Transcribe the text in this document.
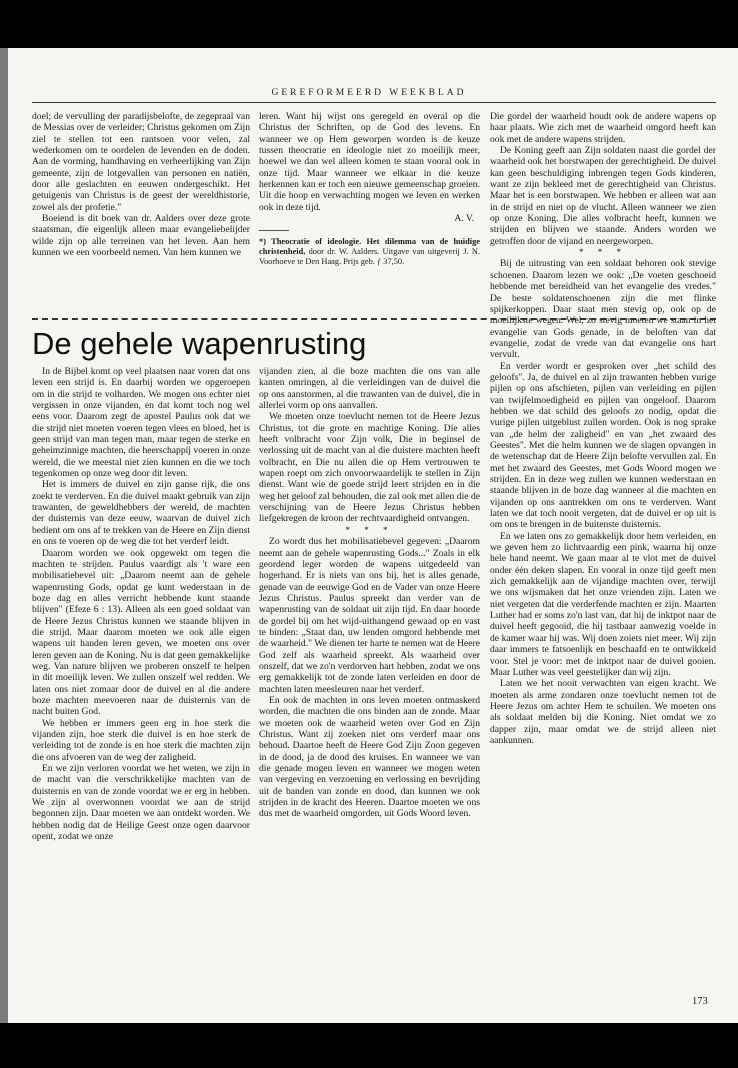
GEREFORMEERD WEEKBLAD

doel; de vervulling der paradijsbelofte, de zegepraal van de Messias over de verleider; Christus gekomen om Zijn ziel te stellen tot een rantsoen voor velen, zal wederkomen om te oordelen de levenden en de doden. Aan de vorming, handhaving en verheerlijking van Zijn gemeente, zijn de lotgevallen van personen en natiën, door alle geslachten en eeuwen ondergeschikt. Het getuigenis van Christus is de geest der wereldhistorie, zowel als der profetie."

Boeiend is dit boek van dr. Aalders over deze grote staatsman, die eigenlijk alleen maar evangeliebelijder wilde zijn op alle terreinen van het leven. Aan hem kunnen we een voorbeeld nemen. Van hem kunnen we

leren. Want hij wijst ons geregeld en overal op die Christus der Schriften, op de God des levens. En wanneer we op Hem geworpen worden is de keuze tussen theocratie en ideologie niet zo moeilijk meer, hoewel we dan wel alleen komen te staan vooral ook in onze tijd. Maar wanneer we elkaar in die keuze herkennen kan er toch een nieuwe gemeenschap groeien. Uit die hoop en verwachting mogen we leven en werken ook in deze tijd.

A. V.

*) Theocratie of ideologie. Het dilemma van de huidige christenheid, door dr. W. Aalders. Uitgave van uitgeverij J. N. Voorhoeve te Den Haag. Prijs geb. ƒ 37,50.

Die gordel der waarheid houdt ook de andere wapens op haar plaats. Wie zich met de waarheid omgord heeft kan ook met de andere wapens strijden.

De Koning geeft aan Zijn soldaten naast die gordel der waarheid ook het borstwapen der gerechtigheid. De duivel kan geen beschuldiging inbrengen tegen Gods kinderen, want ze zijn bekleed met de gerechtigheid van Christus. Maar het is een borstwapen. We hebben er alleen wat aan in de strijd en niet op de vlucht. Alleen wanneer we zien op onze Koning. Die alles volbracht heeft, kunnen we strijden en blijven we staande. Anders worden we getroffen door de vijand en neergeworpen.

* * *

Bij de uitrusting van een soldaat behoren ook stevige schoenen. Daarom lezen we ook: „De voeten geschoeid hebbende met bereidheid van het evangelie des vredes." De beste soldatenschoenen zijn die met flinke spijkerkoppen. Daar staat men stevig op, ook op de moeilijkste wegen. Wel, zo stevig moeten we staan in het evangelie van Gods genade, in de beloften van dat evangelie, zodat de vrede van dat evangelie ons hart vervult.

En verder wordt er gesproken over „het schild des geloofs". Ja, de duivel en al zijn trawanten hebben vurige pijlen op ons afschieten, pijlen van verleiding en pijlen van twijfelmoedigheid en pijlen van ongeloof. Daarom hebben we dat schild des geloofs zo nodig, opdat die vurige pijlen uitgeblust zullen worden. Ook is nog sprake van „de helm der zaligheid" en van „het zwaard des Geestes". Met die helm kunnen we de slagen opvangen in de wetenschap dat de Heere Zijn belofte vervullen zal. En met het zwaard des Geestes, met Gods Woord mogen we strijden. En in deze weg zullen we kunnen wederstaan en staande blijven in de boze dag wanneer al die machten en vijanden op ons aantrekken om ons te verderven. Want laten we dat toch nooit vergeten, dat de duivel er op uit is om ons te brengen in de buitenste duisternis.

En we laten ons zo gemakkelijk door hem verleiden, en we geven hem zo lichtvaardig een pink, waarna hij onze hele hand neemt. We gaan maar al te vlot met de duivel onder één deken slapen. En vooral in onze tijd geeft men zich gemakkelijk aan de vijandige machten over, terwijl we ons wijsmaken dat het onze vrienden zijn. Laten we niet vergeten dat die verderfende machten er zijn. Maarten Luther had er soms zo'n last van, dat hij de inktpot naar de duivel heeft gegooid, die hij tastbaar aanwezig voelde in de kamer waar hij was. Wij doen zoiets niet meer. Wij zijn daar immers te fatsoenlijk en beschaafd en te ontwikkeld voor. Stel je voor: met de inktpot naar de duivel gooien. Maar Luther was veel geestelijker dan wij zijn.

Laten we het nooit verwachten van eigen kracht. We moeten als arme zondaren onze toevlucht nemen tot de Heere Jezus om achter Hem te schuilen. We moeten ons als soldaat melden bij die Koning. Niet omdat we zo dapper zijn, maar omdat we de strijd alleen niet aankunnen.

De gehele wapenrusting

In de Bijbel komt op veel plaatsen naar voren dat ons leven een strijd is. En daarbij worden we opgeroepen om in die strijd te volharden. We mogen ons echter niet vergissen in onze vijanden, en dat komt toch nog wel eens voor. Daarom zegt de apostel Paulus ook dat we die strijd niet moeten voeren tegen vlees en bloed, het is geen strijd van man tegen man, maar tegen de sterke en geheimzinnige machten, die heerschappij voeren in onze wereld, die we meestal niet zien kunnen en die we toch tegenkomen op onze weg door dit leven.

Het is immers de duivel en zijn ganse rijk, die ons zoekt te verderven. En die duivel maakt gebruik van zijn trawanten, de geweldhebbers der wereld, de machten der duisternis van deze eeuw, waarvan de duivel zich bedient om ons af te trekken van de Heere en Zijn dienst en ons te voeren op de weg die tot het verderf leidt.

Daarom worden we ook opgewekt om tegen die machten te strijden. Paulus vaardigt als 't ware een mobilisatiebevel uit: „Daarom neemt aan de gehele wapenrusting Gods, opdat ge kunt wederstaan in de boze dag en alles verricht hebbende kunt staande blijven" (Efeze 6 : 13). Alleen als een goed soldaat van de Heere Jezus Christus kunnen we staande blijven in die strijd. Maar daarom moeten we ook alle eigen wapens uit handen leren geven, we moeten ons over leren geven aan de Koning. Nu is dat geen gemakkelijke weg. Van nature blijven we proberen onszelf te helpen in dit moeilijk leven. We zullen onszelf wel redden. We laten ons niet zomaar door de duivel en al die andere boze machten meevoeren naar de duisternis van de nacht buiten God.

We hebben er immers geen erg in hoe sterk die vijanden zijn, hoe sterk die duivel is en hoe sterk de verleiding tot de zonde is en hoe sterk die machten zijn die ons afvoeren van de weg der zaligheid.

En we zijn verloren voordat we het weten, we zijn in de macht van die verschrikkelijke machten van de duisternis en van de zonde voordat we er erg in hebben. We zijn al overwonnen voordat we aan de strijd begonnen zijn. Daar moeten we aan ontdekt worden. We hebben nodig dat de Heilige Geest onze ogen daarvoor opent, zodat we onze

vijanden zien, al die boze machten die ons van alle kanten omringen, al die verleidingen van de duivel die op ons aanstormen, al die trawanten van de duivel, die in allerlei vorm op ons aanvallen.

We moeten onze toevlucht nemen tot de Heere Jezus Christus, tot die grote en machtige Koning. Die alles heeft volbracht voor Zijn volk, Die in beginsel de verlossing uit de macht van al die duistere machten heeft volbracht, en Die nu allen die op Hem vertrouwen te wapen roept om zich onvoorwaardelijk te stellen in Zijn dienst. Want wie de goede strijd leert strijden en in die weg het geloof zal behouden, die zal ook met allen die de verschijning van de Heere Jezus Christus hebben liefgekregen de kroon der rechtvaardigheid ontvangen.

* * *

Zo wordt dus het mobilisatiebevel gegeven: „Daarom neemt aan de gehele wapenrusting Gods..." Zoals in elk geordend leger worden de wapens uitgedeeld van hogerhand. Er is niets van ons bij, het is alles genade, genade van de eeuwige God en de Vader van onze Heere Jezus Christus. Paulus spreekt dan verder van de wapenrusting van de soldaat uit zijn tijd. En daar hoorde de gordel bij om het wijd-uithangend gewaad op en vast te binden: „Staat dan, uw lenden omgord hebbende met de waarheid." We dienen ter harte te nemen wat de Heere God zelf als waarheid spreekt. Als waarheid over onszelf, dat we zo'n verdorven hart hebben, zodat we ons erg gemakkelijk tot de zonde laten verleiden en door de machten laten meesleuren naar het verderf.

En ook de machten in ons leven moeten ontmaskerd worden, die machten die ons binden aan de zonde. Maar we moeten ook de waarheid weten over God en Zijn Christus. Want zij zoeken niet ons verderf maar ons behoud. Daartoe heeft de Heere God Zijn Zoon gegeven in de dood, ja de dood des kruises. En wanneer we van die genade mogen leven en wanneer we mogen weten van vergeving en verzoening en verlossing en bevrijding uit de banden van zonde en dood, dan kunnen we ook strijden in de kracht des Heeren. Daartoe moeten we ons dus met de waarheid omgorden, uit Gods Woord leven.

173
